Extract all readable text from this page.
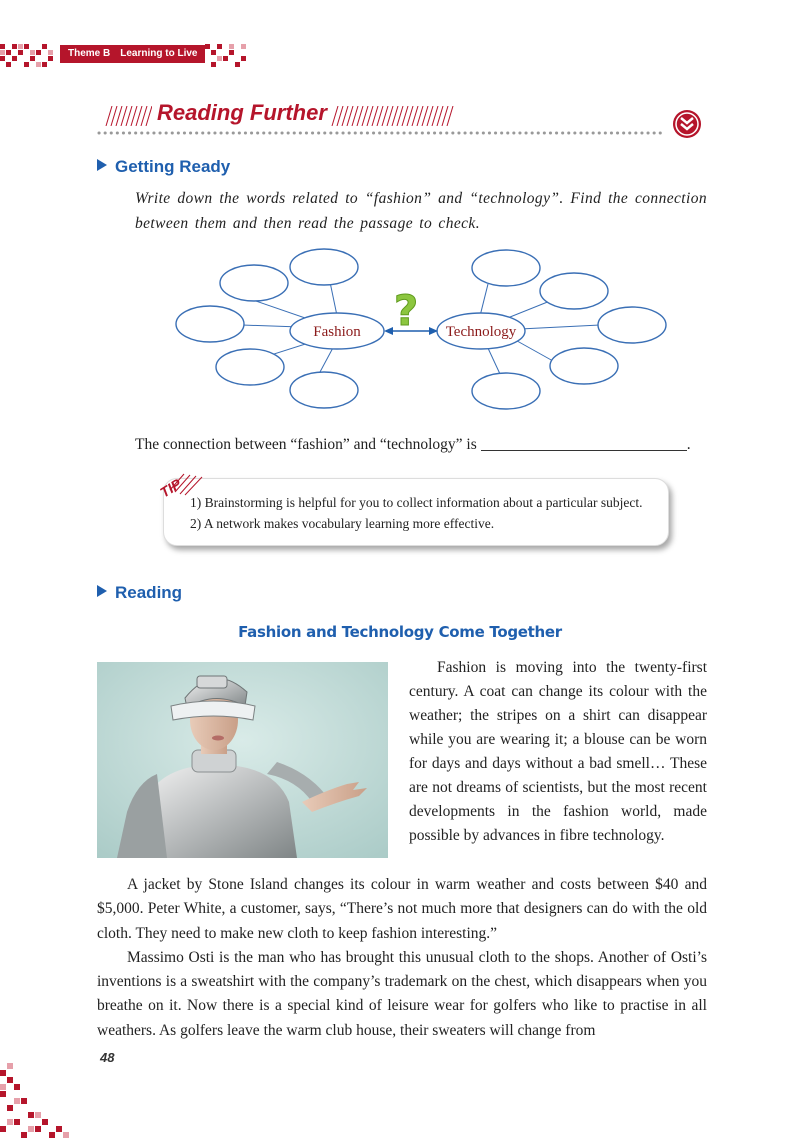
Theme B Learning to Live
Reading Further
Getting Ready
Write down the words related to “fashion” and “technology”. Find the connection between them and then read the passage to check.
Fashion	Technology
?
The connection between “fashion” and “technology” is	.
1) Brainstorming is helpful for you to collect information about a particular subject.
2) A network makes vocabulary learning more effective.
TIP
Reading
Fashion and Technology Come Together

Fashion is moving into the twenty-first century. A coat can change its colour with the weather; the stripes on a shirt can disappear while you are wearing it; a blouse can be worn for days and days without a bad smell… These are not dreams of scientists, but the most recent developments in the fashion world, made possible by advances in fibre technology.

A jacket by Stone Island changes its colour in warm weather and costs between $40 and $5,000. Peter White, a customer, says, “There’s not much more that designers can do with the old cloth. They need to make new cloth to keep fashion interesting.”

Massimo Osti is the man who has brought this unusual cloth to the shops. Another of Osti’s inventions is a sweatshirt with the company’s trademark on the chest, which disappears when you breathe on it. Now there is a special kind of leisure wear for golfers who like to practise in all weathers. As golfers leave the warm club house, their sweaters will change from

48
